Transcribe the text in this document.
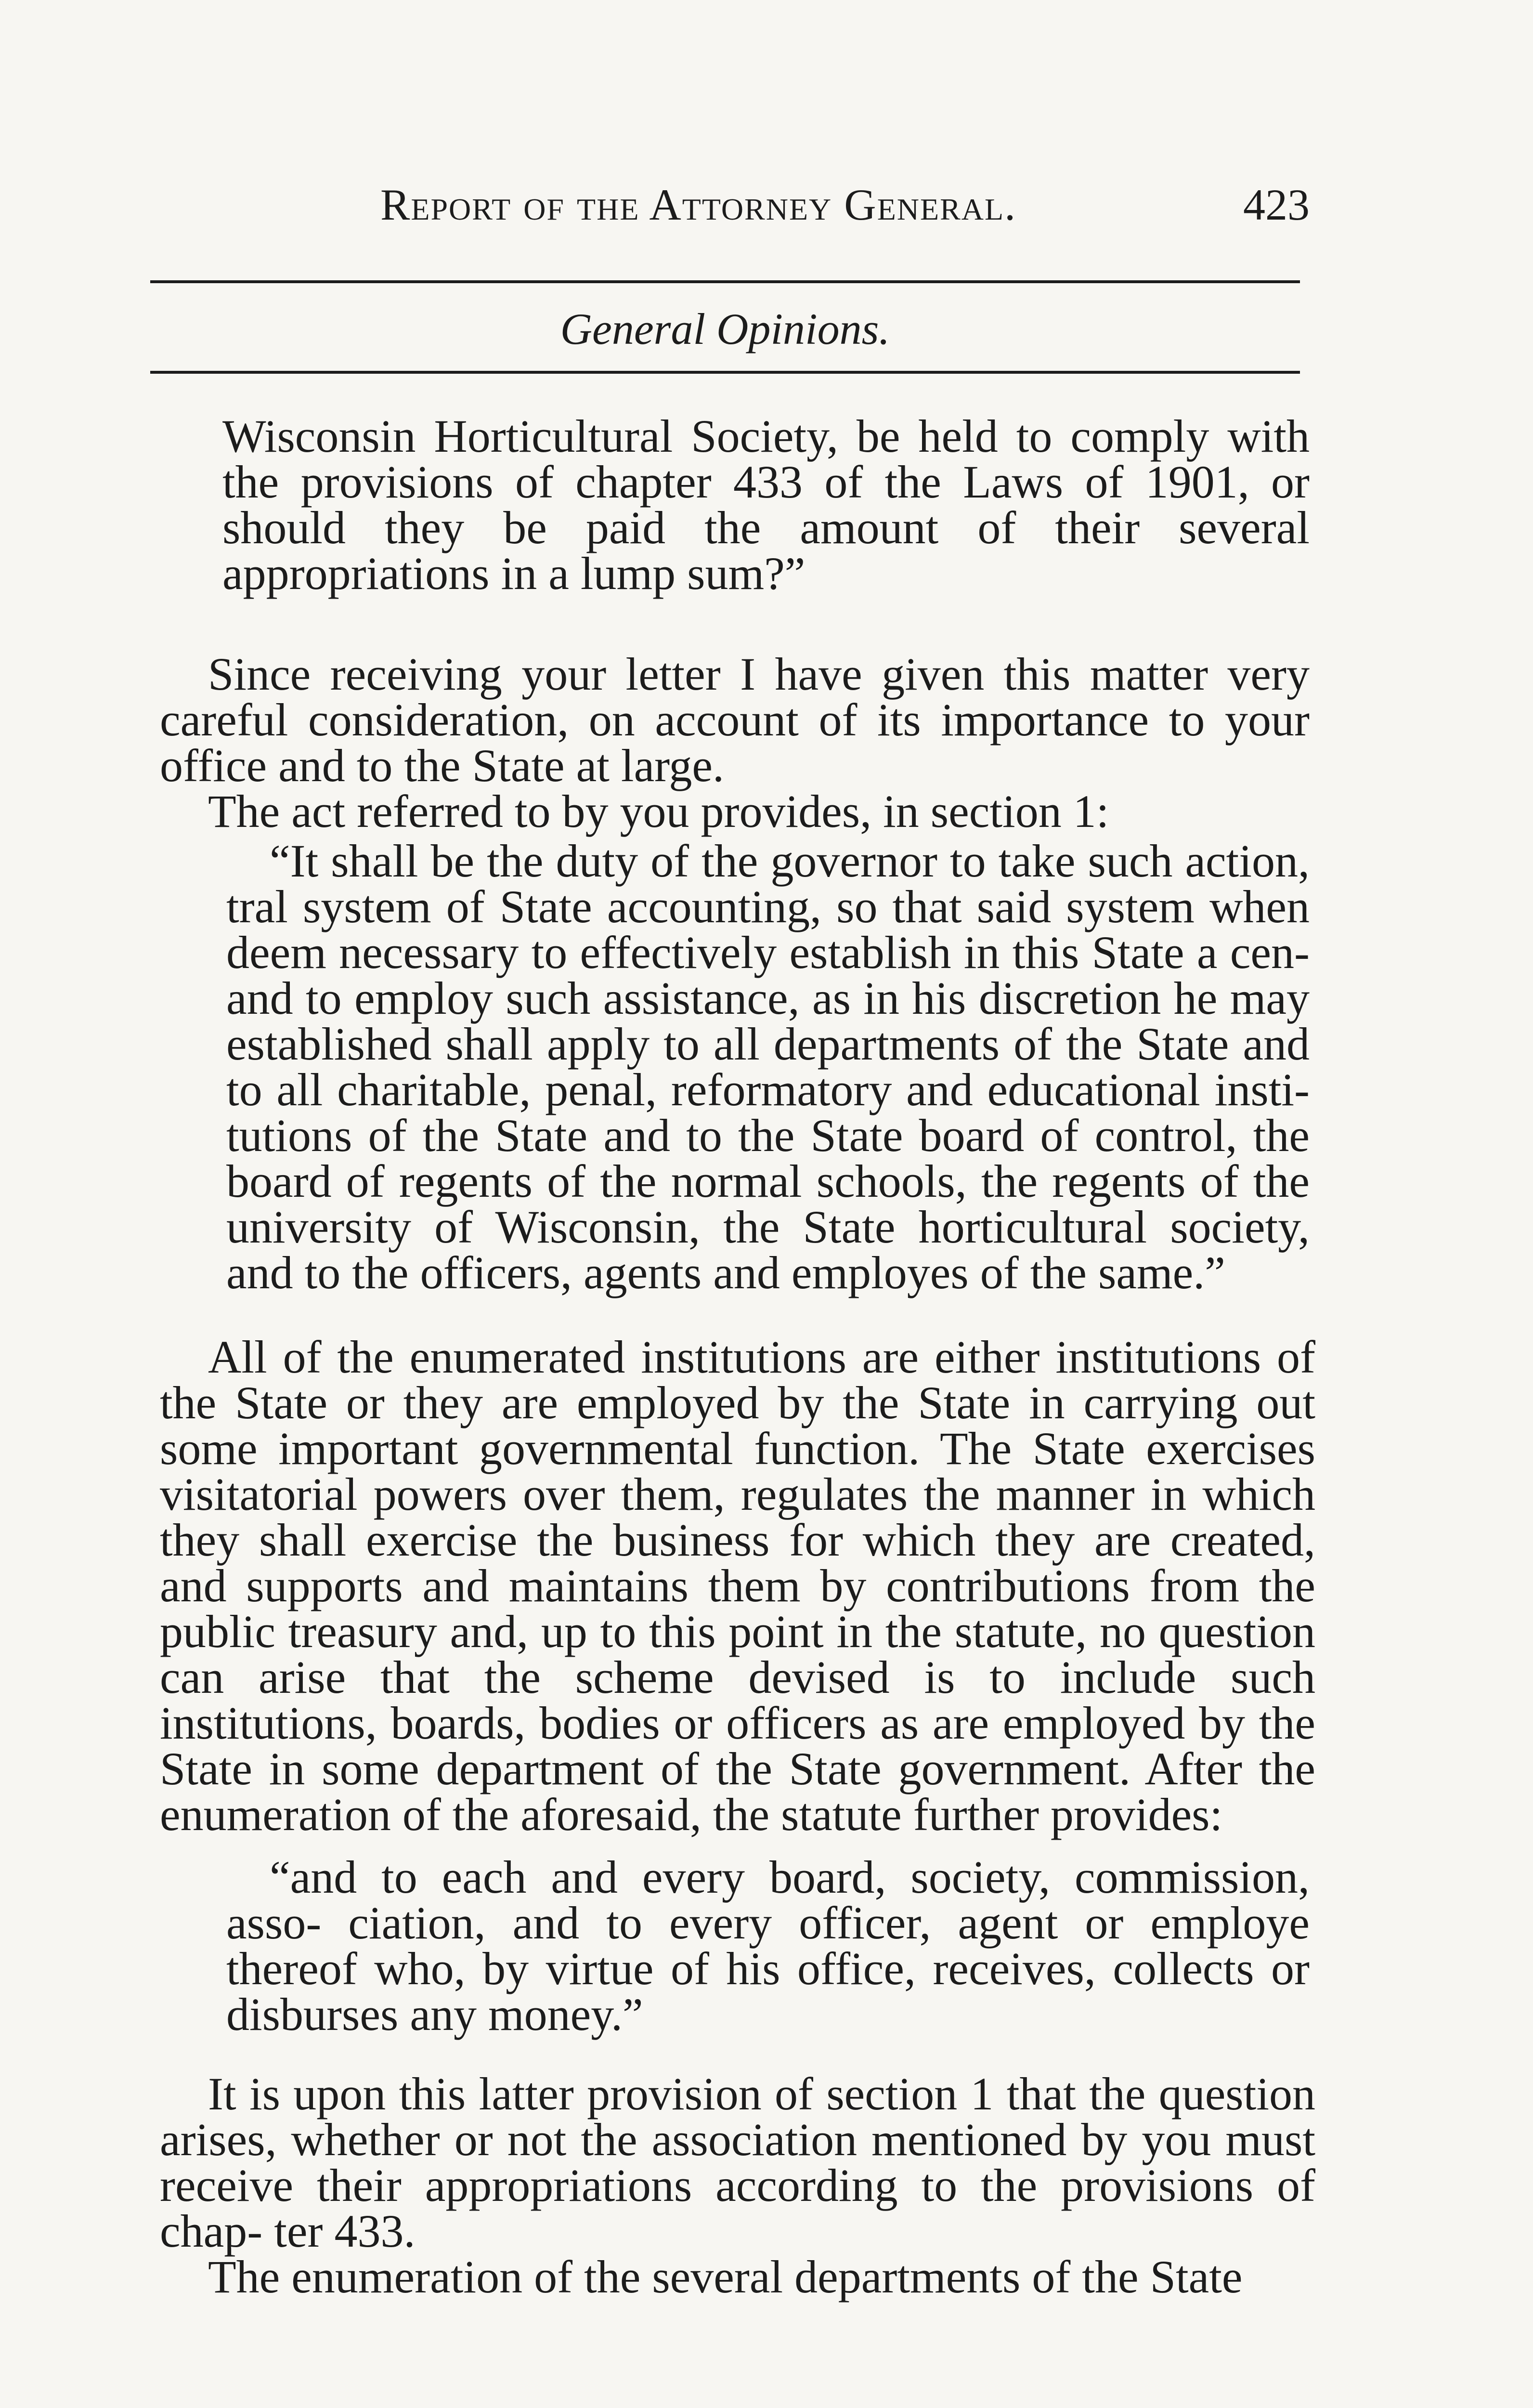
Report of the Attorney General.	423
General Opinions.

Wisconsin Horticultural Society, be held to comply with the provisions of chapter 433 of the Laws of 1901, or should they be paid the amount of their several appropriations in a lump sum?”

Since receiving your letter I have given this matter very careful consideration, on account of its importance to your office and to the State at large.

The act referred to by you provides, in section 1:

“It shall be the duty of the governor to take such action, tral system of State accounting, so that said system when deem necessary to effectively establish in this State a cen- and to employ such assistance, as in his discretion he may established shall apply to all departments of the State and to all charitable, penal, reformatory and educational insti- tutions of the State and to the State board of control, the board of regents of the normal schools, the regents of the university of Wisconsin, the State horticultural society, and to the officers, agents and employes of the same.”

All of the enumerated institutions are either institutions of the State or they are employed by the State in carrying out some important governmental function. The State exercises visitatorial powers over them, regulates the manner in which they shall exercise the business for which they are created, and supports and maintains them by contributions from the public treasury and, up to this point in the statute, no question can arise that the scheme devised is to include such institutions, boards, bodies or officers as are employed by the State in some department of the State government. After the enumeration of the aforesaid, the statute further provides:

“and to each and every board, society, commission, asso- ciation, and to every officer, agent or employe thereof who, by virtue of his office, receives, collects or disburses any money.”

It is upon this latter provision of section 1 that the question arises, whether or not the association mentioned by you must receive their appropriations according to the provisions of chap- ter 433.

The enumeration of the several departments of the State
